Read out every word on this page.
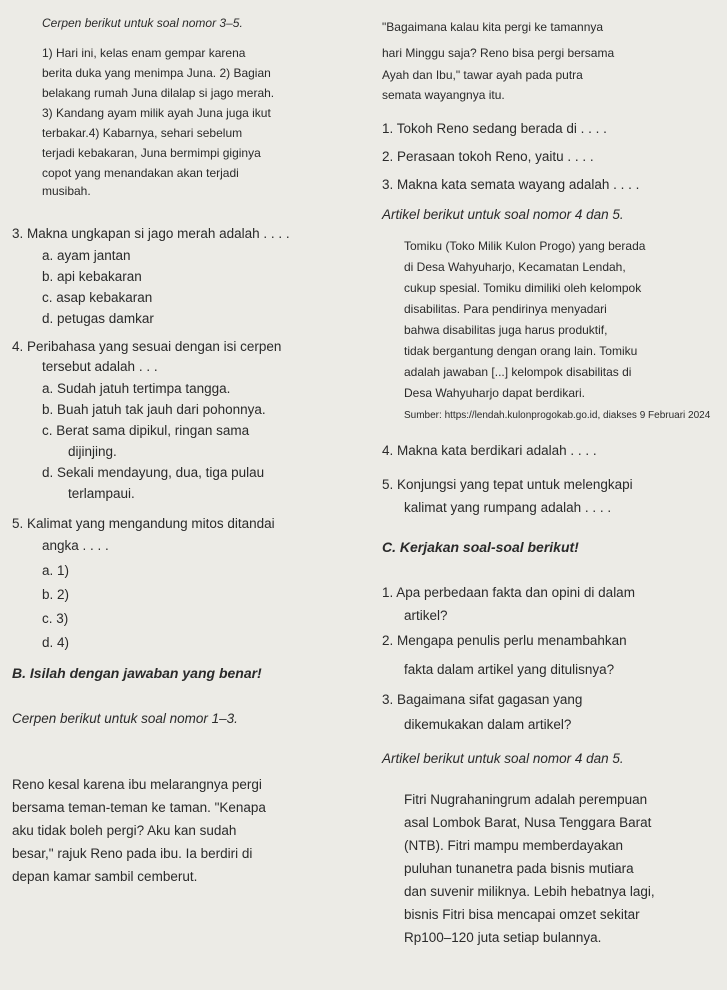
Cerpen berikut untuk soal nomor 3–5.
1) Hari ini, kelas enam gempar karena
berita duka yang menimpa Juna. 2) Bagian
belakang rumah Juna dilalap si jago merah.
3) Kandang ayam milik ayah Juna juga ikut
terbakar.4) Kabarnya, sehari sebelum
terjadi kebakaran, Juna bermimpi giginya
copot yang menandakan akan terjadi
musibah.
3. Makna ungkapan si jago merah adalah . . . .
a. ayam jantan
b. api kebakaran
c. asap kebakaran
d. petugas damkar
4. Peribahasa yang sesuai dengan isi cerpen
tersebut adalah . . .
a. Sudah jatuh tertimpa tangga.
b. Buah jatuh tak jauh dari pohonnya.
c. Berat sama dipikul, ringan sama
dijinjing.
d. Sekali mendayung, dua, tiga pulau
terlampaui.
5. Kalimat yang mengandung mitos ditandai
angka . . . .
a. 1)
b. 2)
c. 3)
d. 4)
B. Isilah dengan jawaban yang benar!
Cerpen berikut untuk soal nomor 1–3.
Reno kesal karena ibu melarangnya pergi
bersama teman-teman ke taman. "Kenapa
aku tidak boleh pergi? Aku kan sudah
besar," rajuk Reno pada ibu. Ia berdiri di
depan kamar sambil cemberut.
"Bagaimana kalau kita pergi ke tamannya
hari Minggu saja? Reno bisa pergi bersama
Ayah dan Ibu," tawar ayah pada putra
semata wayangnya itu.
1. Tokoh Reno sedang berada di . . . .
2. Perasaan tokoh Reno, yaitu . . . .
3. Makna kata semata wayang adalah . . . .
Artikel berikut untuk soal nomor 4 dan 5.
Tomiku (Toko Milik Kulon Progo) yang berada
di Desa Wahyuharjo, Kecamatan Lendah,
cukup spesial. Tomiku dimiliki oleh kelompok
disabilitas. Para pendirinya menyadari
bahwa disabilitas juga harus produktif,
tidak bergantung dengan orang lain. Tomiku
adalah jawaban [...] kelompok disabilitas di
Desa Wahyuharjo dapat berdikari.
Sumber: https://lendah.kulonprogokab.go.id, diakses 9 Februari 2024
4. Makna kata berdikari adalah . . . .
5. Konjungsi yang tepat untuk melengkapi
kalimat yang rumpang adalah . . . .
C. Kerjakan soal-soal berikut!
1. Apa perbedaan fakta dan opini di dalam
artikel?
2. Mengapa penulis perlu menambahkan
fakta dalam artikel yang ditulisnya?
3. Bagaimana sifat gagasan yang
dikemukakan dalam artikel?
Artikel berikut untuk soal nomor 4 dan 5.
Fitri Nugrahaningrum adalah perempuan
asal Lombok Barat, Nusa Tenggara Barat
(NTB). Fitri mampu memberdayakan
puluhan tunanetra pada bisnis mutiara
dan suvenir miliknya. Lebih hebatnya lagi,
bisnis Fitri bisa mencapai omzet sekitar
Rp100–120 juta setiap bulannya.
